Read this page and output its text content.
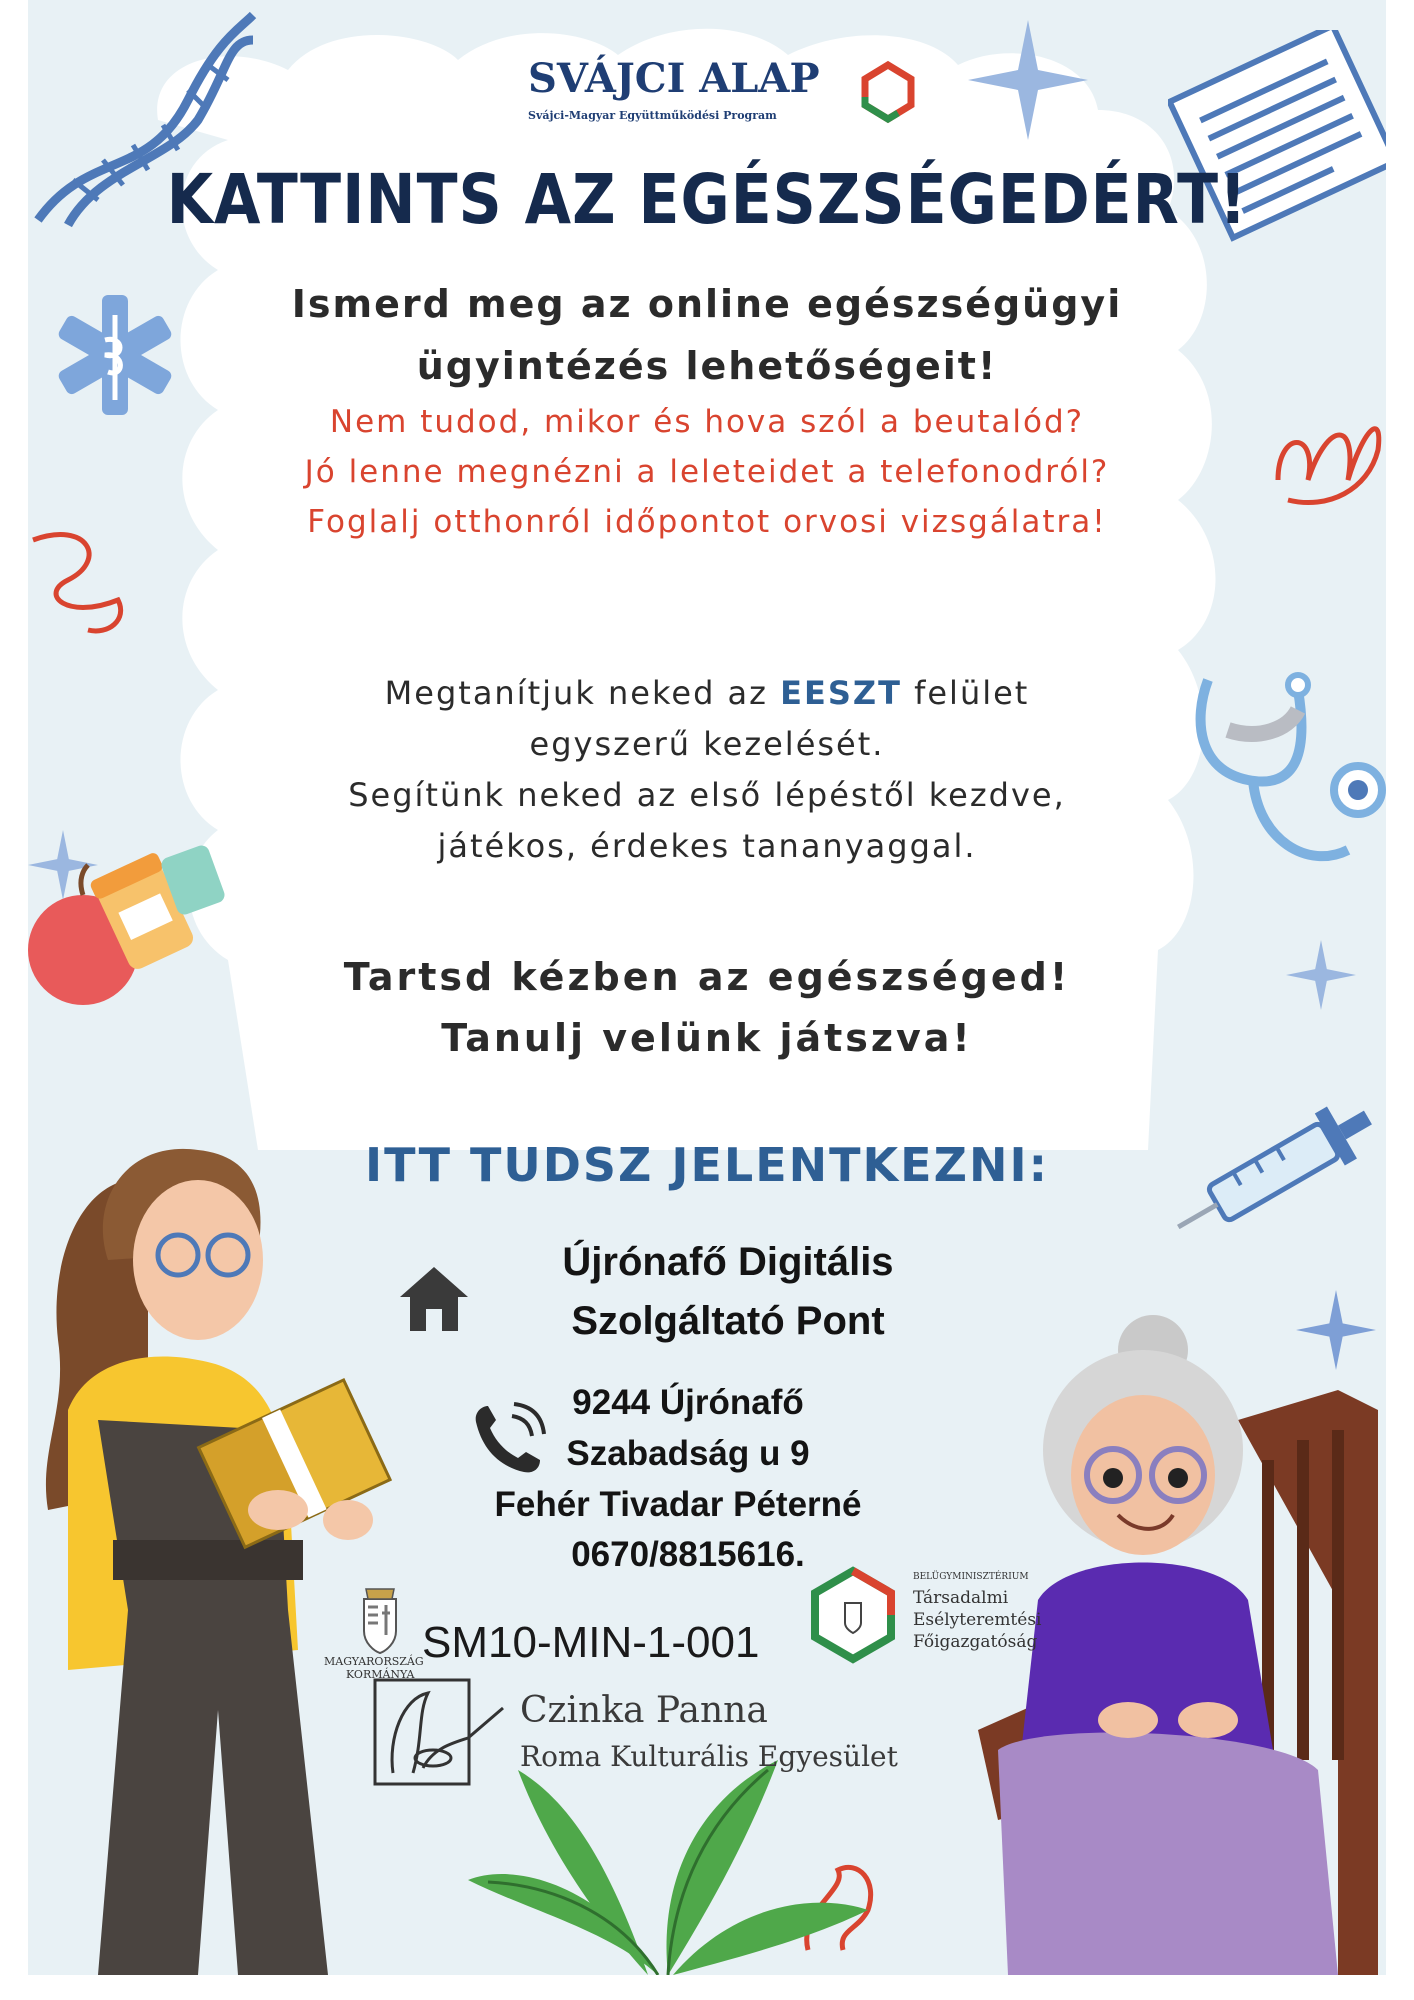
SVÁJCI ALAP
Svájci-Magyar Együttműködési Program
KATTINTS AZ EGÉSZSÉGEDÉRT!
Ismerd meg az online egészségügyi
ügyintézés lehetőségeit!
Nem tudod, mikor és hova szól a beutalód?
Jó lenne megnézni a leleteidet a telefonodról?
Foglalj otthonról időpontot orvosi vizsgálatra!
Megtanítjuk neked az EESZT felület
egyszerű kezelését.
Segítünk neked az első lépéstől kezdve,
játékos, érdekes tananyaggal.
Tartsd kézben az egészséged!
Tanulj velünk játszva!
ITT TUDSZ JELENTKEZNI:
Újrónafő Digitális
Szolgáltató Pont
9244 Újrónafő
Szabadság u 9
Fehér Tivadar Péterné
0670/8815616.
MAGYARORSZÁG
KORMÁNYA
SM10-MIN-1-001
BELÜGYMINISZTÉRIUM
Társadalmi
Esélyteremtési
Főigazgatóság
Czinka Panna
Roma Kulturális Egyesület
